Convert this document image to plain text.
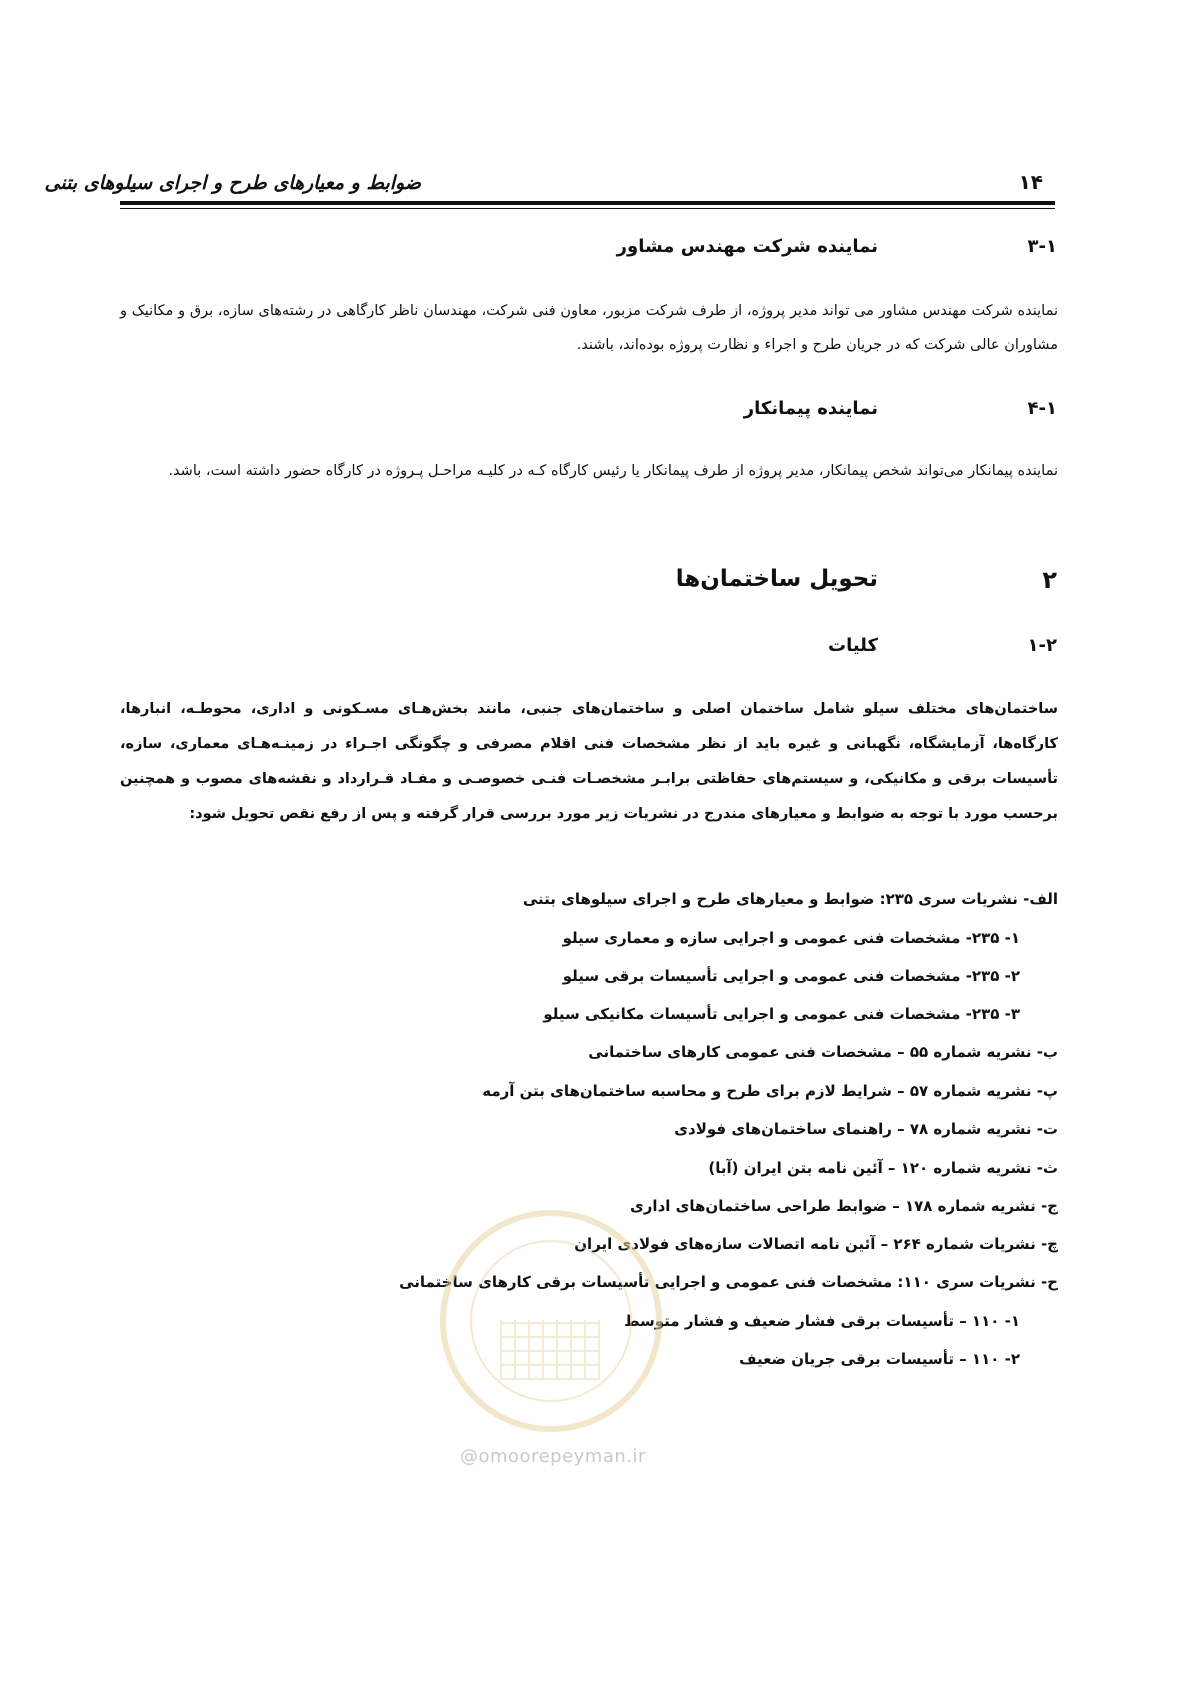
۱۴
ضوابط و معیارهای طرح و اجرای سیلوهای بتنی
۳-۱
نماینده شرکت مهندس مشاور
نماینده شرکت مهندس مشاور می تواند مدیر پروژه، از طرف شرکت مزبور، معاون فنی شرکت، مهندسان ناظر کارگاهی در رشته‌های سازه، برق و مکانیک و مشاوران عالی شرکت که در جریان طرح و اجراء و نظارت پروژه بوده‌اند، باشند.
۴-۱
نماینده پیمانکار
نماینده پیمانکار می‌تواند شخص پیمانکار، مدیر پروژه از طرف پیمانکار یا رئیس کارگاه کـه در کلیـه مراحـل پـروژه در کارگاه حضور داشته است، باشد.
۲
تحویل ساختمان‌ها
۱-۲
کلیات
ساختمان‌های مختلف سیلو شامل ساختمان اصلی و ساختمان‌های جنبی، مانند بخش‌هـای مسـکونی و اداری، محوطـه، انبارها، کارگاه‌ها، آزمایشگاه، نگهبانی و غیره باید از نظر مشخصات فنی اقلام مصرفی و چگونگی اجـراء در زمینـه‌هـای معماری، سازه، تأسیسات برقی و مکانیکی، و سیستم‌های حفاظتی برابـر مشخصـات فنـی خصوصـی و مفـاد قـرارداد و نقشه‌های مصوب و همچنین برحسب مورد با توجه به ضوابط و معیارهای مندرج در نشریات زیر مورد بررسی قرار گرفته و پس از رفع نقص تحویل شود:
الف- نشریات سری ۲۳۵: ضوابط و معیارهای طرح و اجرای سیلوهای بتنی
۱- ۲۳۵- مشخصات فنی عمومی و اجرایی سازه و معماری سیلو
۲- ۲۳۵- مشخصات فنی عمومی و اجرایی تأسیسات برقی سیلو
۳- ۲۳۵- مشخصات فنی عمومی و اجرایی تأسیسات مکانیکی سیلو
ب- نشریه شماره ۵۵ – مشخصات فنی عمومی کارهای ساختمانی
پ- نشریه شماره ۵۷ – شرایط لازم برای طرح و محاسبه ساختمان‌های بتن آرمه
ت- نشریه شماره ۷۸ – راهنمای ساختمان‌های فولادی
ث- نشریه شماره ۱۲۰ – آئین نامه بتن ایران (آبا)
ج- نشریه شماره ۱۷۸ – ضوابط طراحی ساختمان‌های اداری
چ- نشریات شماره ۲۶۴ – آئین نامه اتصالات سازه‌های فولادی ایران
ح- نشریات سری ۱۱۰: مشخصات فنی عمومی و اجرایی تأسیسات برقی کارهای ساختمانی
۱- ۱۱۰ – تأسیسات برقی فشار ضعیف و فشار متوسط
۲- ۱۱۰ – تأسیسات برقی جریان ضعیف
@omoorepeyman.ir
